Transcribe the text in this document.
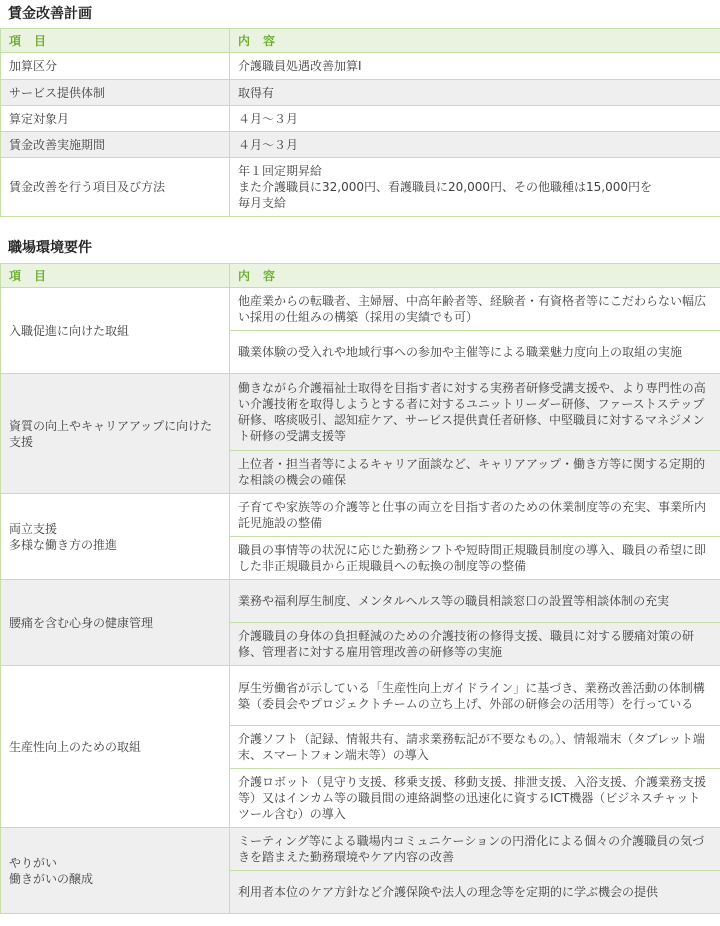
賃金改善計画
項　目	内　容
加算区分	介護職員処遇改善加算Ⅰ
サービス提供体制	取得有
算定対象月	４月～３月
賃金改善実施期間	４月～３月
賃金改善を行う項目及び方法	年１回定期昇給
また介護職員に32,000円、看護職員に20,000円、その他職種は15,000円を
毎月支給
職場環境要件
項　目	内　容
入職促進に向けた取組	他産業からの転職者、主婦層、中高年齢者等、経験者・有資格者等にこだわらない幅広い採用の仕組みの構築（採用の実績でも可）
	職業体験の受入れや地域行事への参加や主催等による職業魅力度向上の取組の実施
資質の向上やキャリアアップに向けた支援	働きながら介護福祉士取得を目指す者に対する実務者研修受講支援や、より専門性の高い介護技術を取得しようとする者に対するユニットリーダー研修、ファーストステップ研修、喀痰吸引、認知症ケア、サービス提供責任者研修、中堅職員に対するマネジメント研修の受講支援等
	上位者・担当者等によるキャリア面談など、キャリアアップ・働き方等に関する定期的な相談の機会の確保
両立支援
多様な働き方の推進	子育てや家族等の介護等と仕事の両立を目指す者のための休業制度等の充実、事業所内託児施設の整備
	職員の事情等の状況に応じた勤務シフトや短時間正規職員制度の導入、職員の希望に即した非正規職員から正規職員への転換の制度等の整備
腰痛を含む心身の健康管理	業務や福利厚生制度、メンタルヘルス等の職員相談窓口の設置等相談体制の充実
	介護職員の身体の負担軽減のための介護技術の修得支援、職員に対する腰痛対策の研修、管理者に対する雇用管理改善の研修等の実施
生産性向上のための取組	厚生労働省が示している「生産性向上ガイドライン」に基づき、業務改善活動の体制構築（委員会やプロジェクトチームの立ち上げ、外部の研修会の活用等）を行っている
	介護ソフト（記録、情報共有、請求業務転記が不要なもの。）、情報端末（タブレット端末、スマートフォン端末等）の導入
	介護ロボット（見守り支援、移乗支援、移動支援、排泄支援、入浴支援、介護業務支援等）又はインカム等の職員間の連絡調整の迅速化に資するICT機器（ビジネスチャットツール含む）の導入
やりがい
働きがいの醸成	ミーティング等による職場内コミュニケーションの円滑化による個々の介護職員の気づきを踏まえた勤務環境やケア内容の改善
	利用者本位のケア方針など介護保険や法人の理念等を定期的に学ぶ機会の提供
